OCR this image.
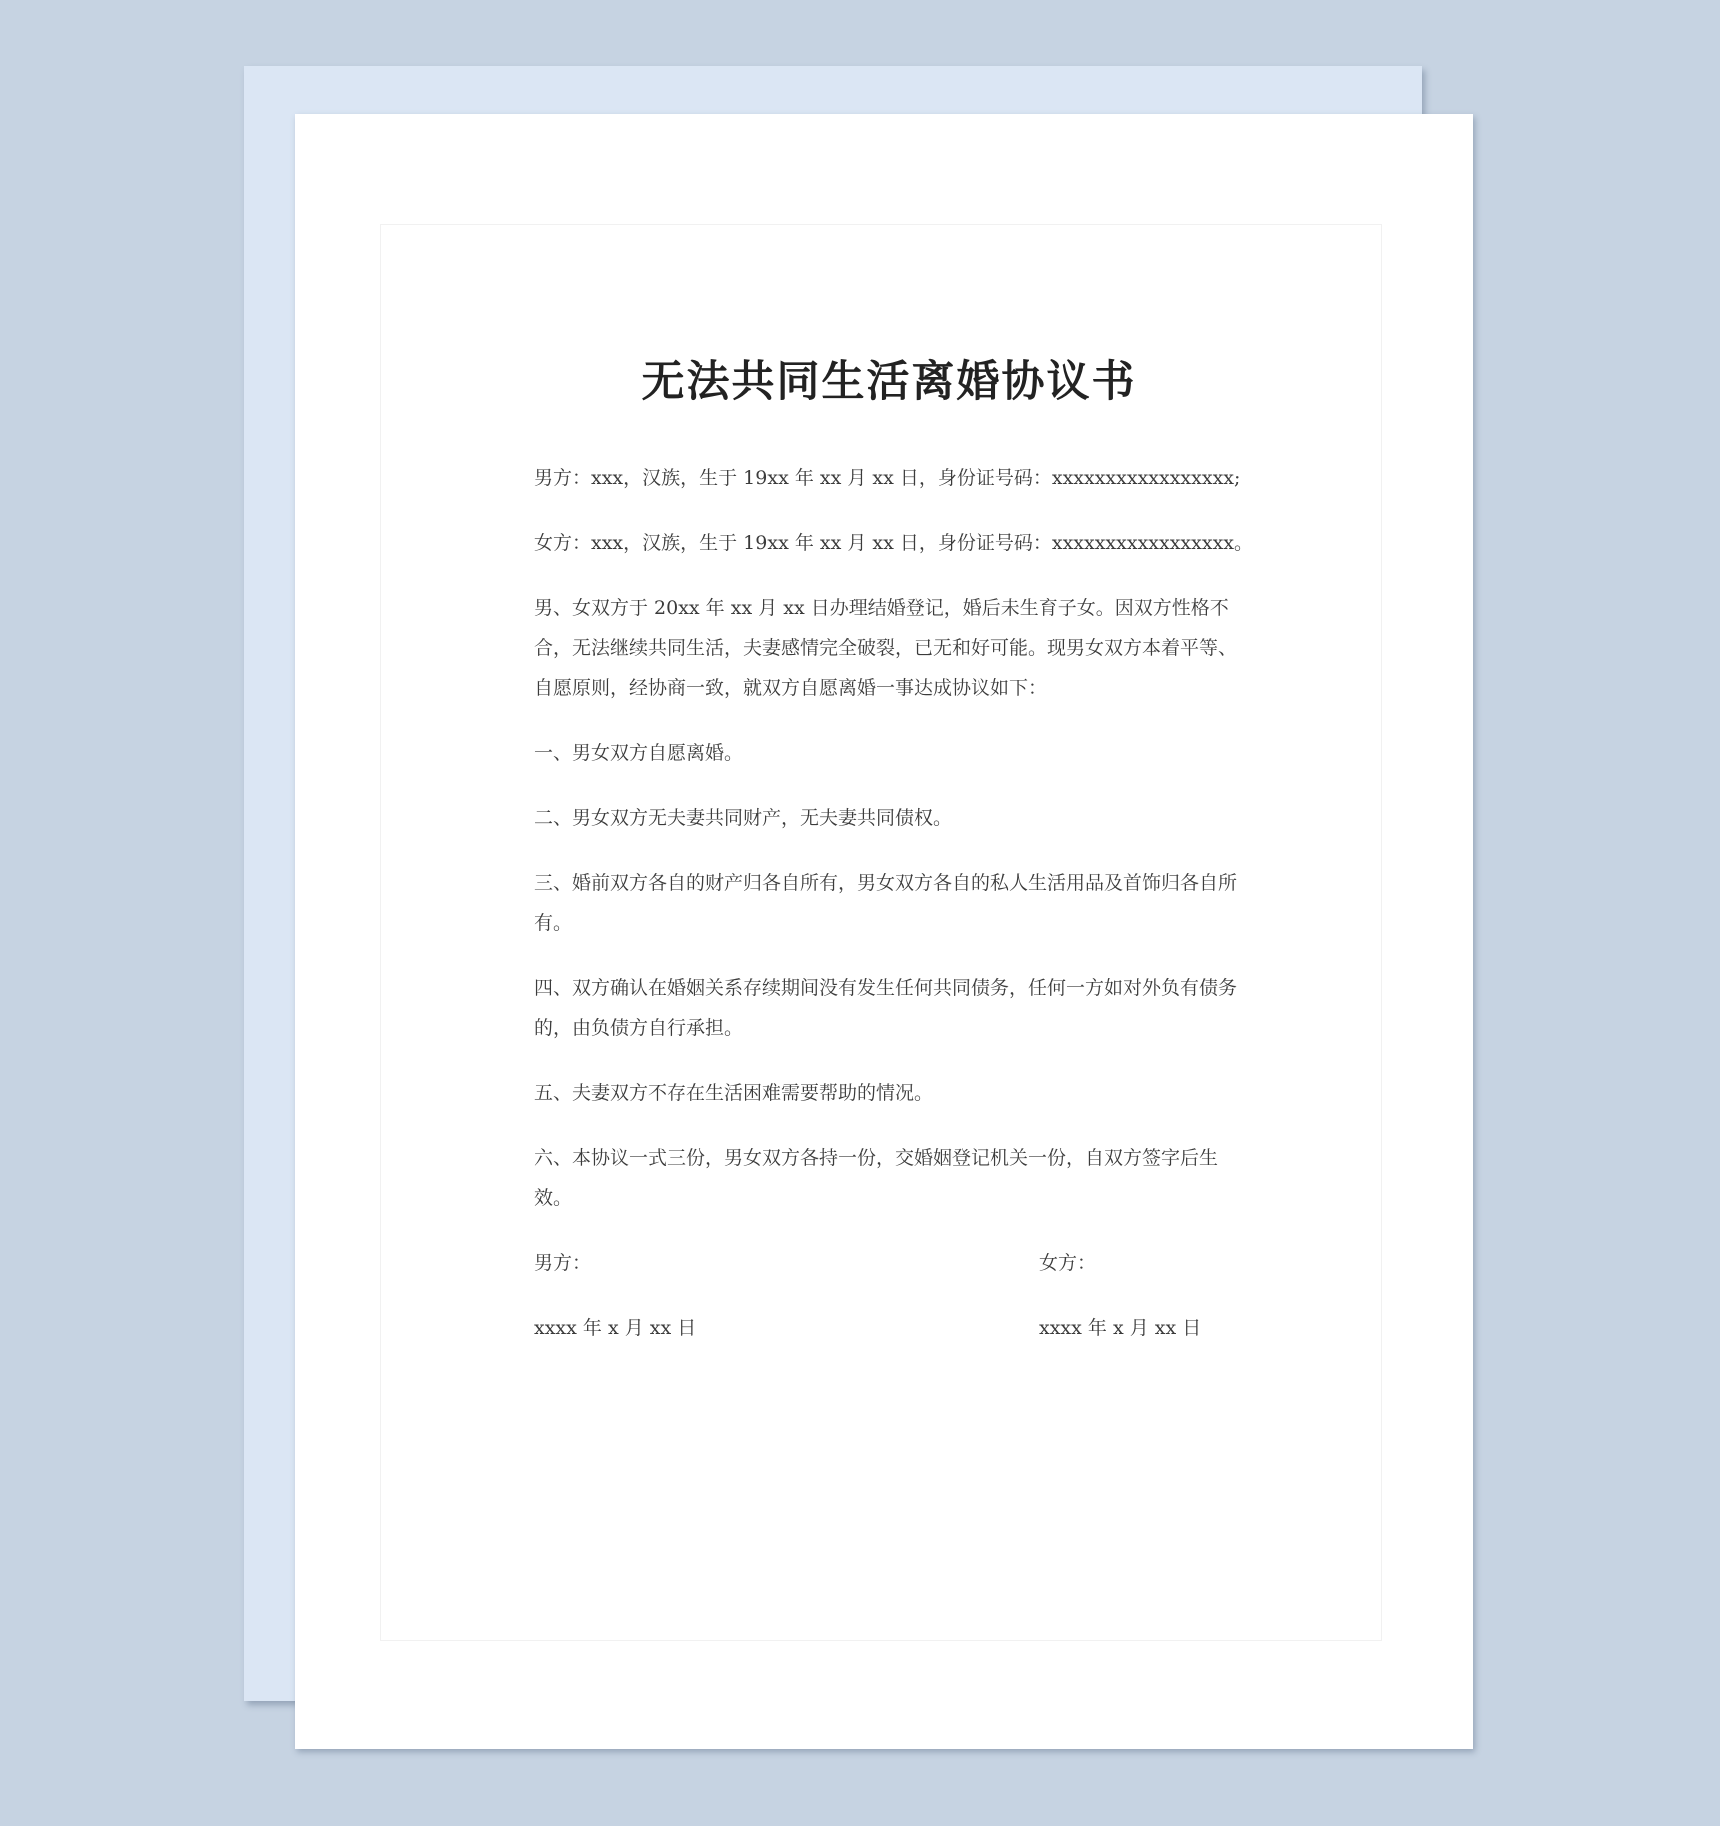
无法共同生活离婚协议书

男方：xxx，汉族，生于 19xx 年 xx 月 xx 日，身份证号码：xxxxxxxxxxxxxxxxx;

女方：xxx，汉族，生于 19xx 年 xx 月 xx 日，身份证号码：xxxxxxxxxxxxxxxxx。

男、女双方于 20xx 年 xx 月 xx 日办理结婚登记，婚后未生育子女。因双方性格不合，无法继续共同生活，夫妻感情完全破裂，已无和好可能。现男女双方本着平等、自愿原则，经协商一致，就双方自愿离婚一事达成协议如下：

一、男女双方自愿离婚。

二、男女双方无夫妻共同财产，无夫妻共同债权。

三、婚前双方各自的财产归各自所有，男女双方各自的私人生活用品及首饰归各自所有。

四、双方确认在婚姻关系存续期间没有发生任何共同债务，任何一方如对外负有债务的，由负债方自行承担。

五、夫妻双方不存在生活困难需要帮助的情况。

六、本协议一式三份，男女双方各持一份，交婚姻登记机关一份，自双方签字后生效。

男方：	女方：
xxxx 年 x 月 xx 日	xxxx 年 x 月 xx 日
